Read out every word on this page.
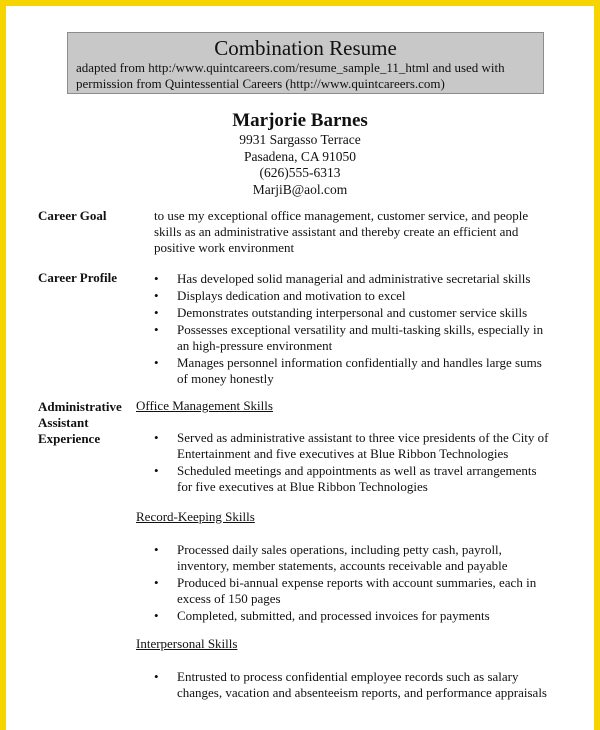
Combination Resume
adapted from http:/www.quintcareers.com/resume_sample_11_html and used with
permission from Quintessential Careers (http://www.quintcareers.com)
Marjorie Barnes
9931 Sargasso Terrace
Pasadena, CA 91050
(626)555-6313
MarjiB@aol.com
Career Goal	to use my exceptional office management, customer service, and people
skills as an administrative assistant and thereby create an efficient and
positive work environment
Career Profile	• Has developed solid managerial and administrative secretarial skills
• Displays dedication and motivation to excel
• Demonstrates outstanding interpersonal and customer service skills
• Possesses exceptional versatility and multi-tasking skills, especially in
an high-pressure environment
• Manages personnel information confidentially and handles large sums
of money honestly
Administrative
Assistant
Experience
Office Management Skills
• Served as administrative assistant to three vice presidents of the City of
Entertainment and five executives at Blue Ribbon Technologies
• Scheduled meetings and appointments as well as travel arrangements
for five executives at Blue Ribbon Technologies
Record-Keeping Skills
• Processed daily sales operations, including petty cash, payroll,
inventory, member statements, accounts receivable and payable
• Produced bi-annual expense reports with account summaries, each in
excess of 150 pages
• Completed, submitted, and processed invoices for payments
Interpersonal Skills
• Entrusted to process confidential employee records such as salary
changes, vacation and absenteeism reports, and performance appraisals
